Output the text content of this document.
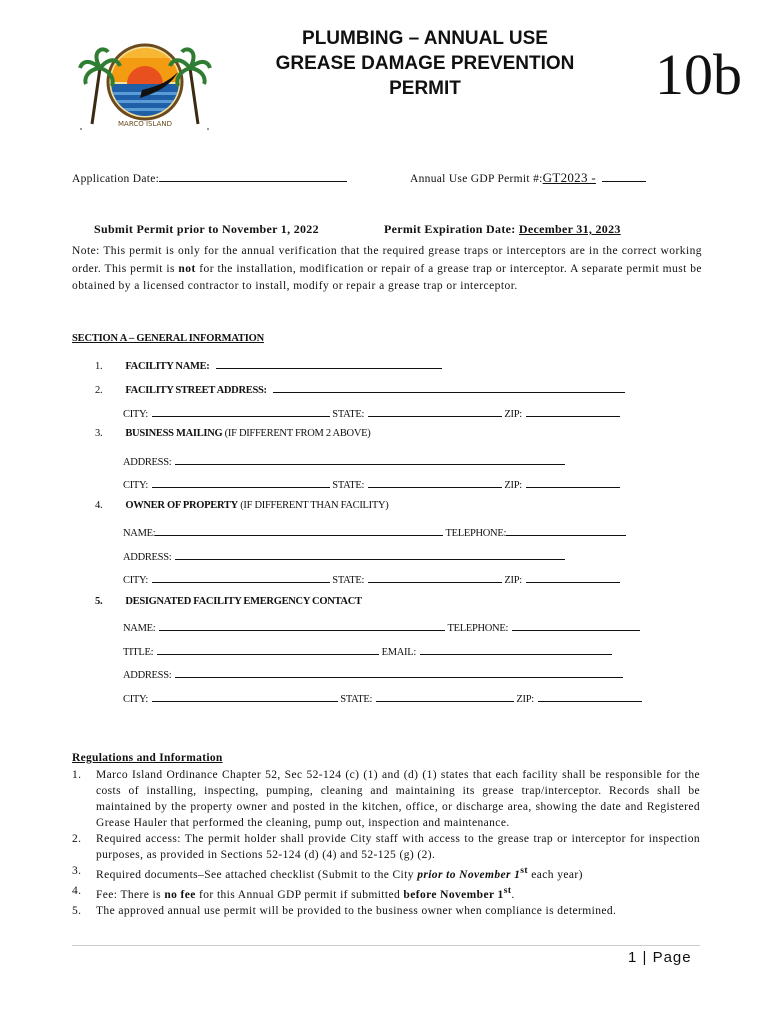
MARCO ISLAND
PLUMBING – ANNUAL USE
GREASE DAMAGE PREVENTION
PERMIT	10b
Application Date:	Annual Use GDP Permit #:GT2023 -
Submit Permit prior to November 1, 2022	Permit Expiration Date: December 31, 2023
Note: This permit is only for the annual verification that the required grease traps or interceptors are in the correct working order. This permit is not for the installation, modification or repair of a grease trap or interceptor. A separate permit must be obtained by a licensed contractor to install, modify or repair a grease trap or interceptor.
SECTION A – GENERAL INFORMATION
1. FACILITY NAME:
2. FACILITY STREET ADDRESS:
CITY:	STATE:	ZIP:
3. BUSINESS MAILING (IF DIFFERENT FROM 2 ABOVE)
ADDRESS:
CITY:	STATE:	ZIP:
4. OWNER OF PROPERTY (IF DIFFERENT THAN FACILITY)
NAME:	TELEPHONE:
ADDRESS:
CITY:	STATE:	ZIP:
5. DESIGNATED FACILITY EMERGENCY CONTACT
NAME:	TELEPHONE:
TITLE:	EMAIL:
ADDRESS:
CITY:	STATE:	ZIP:
Regulations and Information
1. Marco Island Ordinance Chapter 52, Sec 52-124 (c) (1) and (d) (1) states that each facility shall be responsible for the costs of installing, inspecting, pumping, cleaning and maintaining its grease trap/interceptor. Records shall be maintained by the property owner and posted in the kitchen, office, or discharge area, showing the date and Registered Grease Hauler that performed the cleaning, pump out, inspection and maintenance.
2. Required access: The permit holder shall provide City staff with access to the grease trap or interceptor for inspection purposes, as provided in Sections 52-124 (d) (4) and 52-125 (g) (2).
3. Required documents–See attached checklist (Submit to the City prior to November 1st each year)
4. Fee: There is no fee for this Annual GDP permit if submitted before November 1st.
5. The approved annual use permit will be provided to the business owner when compliance is determined.
1 | Page
